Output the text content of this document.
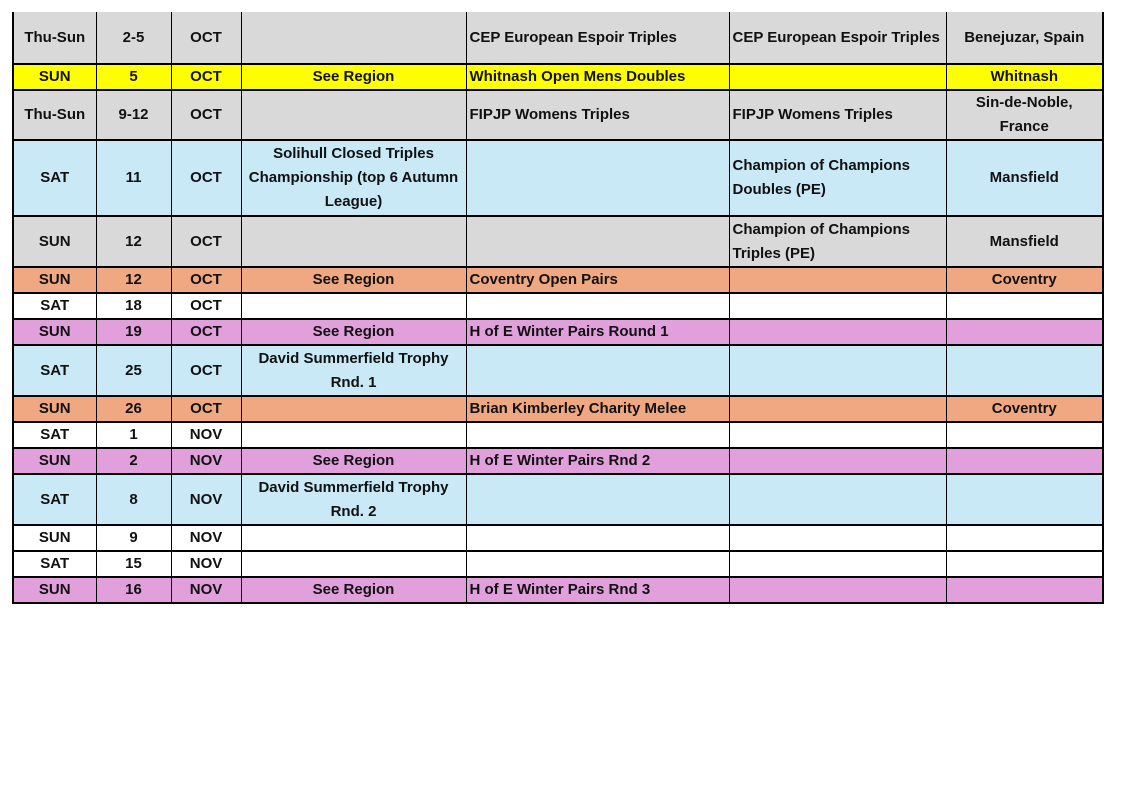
Thu-Sun	2-5	OCT		CEP European Espoir Triples	CEP European Espoir Triples	Benejuzar, Spain
SUN	5	OCT	See Region	Whitnash Open Mens Doubles		Whitnash
Thu-Sun	9-12	OCT		FIPJP Womens Triples	FIPJP Womens Triples	Sin-de-Noble, France
SAT	11	OCT	Solihull Closed Triples Championship (top 6 Autumn League)		Champion of Champions Doubles (PE)	Mansfield
SUN	12	OCT			Champion of Champions Triples (PE)	Mansfield
SUN	12	OCT	See Region	Coventry Open Pairs		Coventry
SAT	18	OCT				
SUN	19	OCT	See Region	H of E Winter Pairs Round 1		
SAT	25	OCT	David Summerfield Trophy Rnd. 1			
SUN	26	OCT		Brian Kimberley Charity Melee		Coventry
SAT	1	NOV				
SUN	2	NOV	See Region	H of E Winter Pairs Rnd 2		
SAT	8	NOV	David Summerfield Trophy Rnd. 2			
SUN	9	NOV				
SAT	15	NOV				
SUN	16	NOV	See Region	H of E Winter Pairs Rnd 3		
